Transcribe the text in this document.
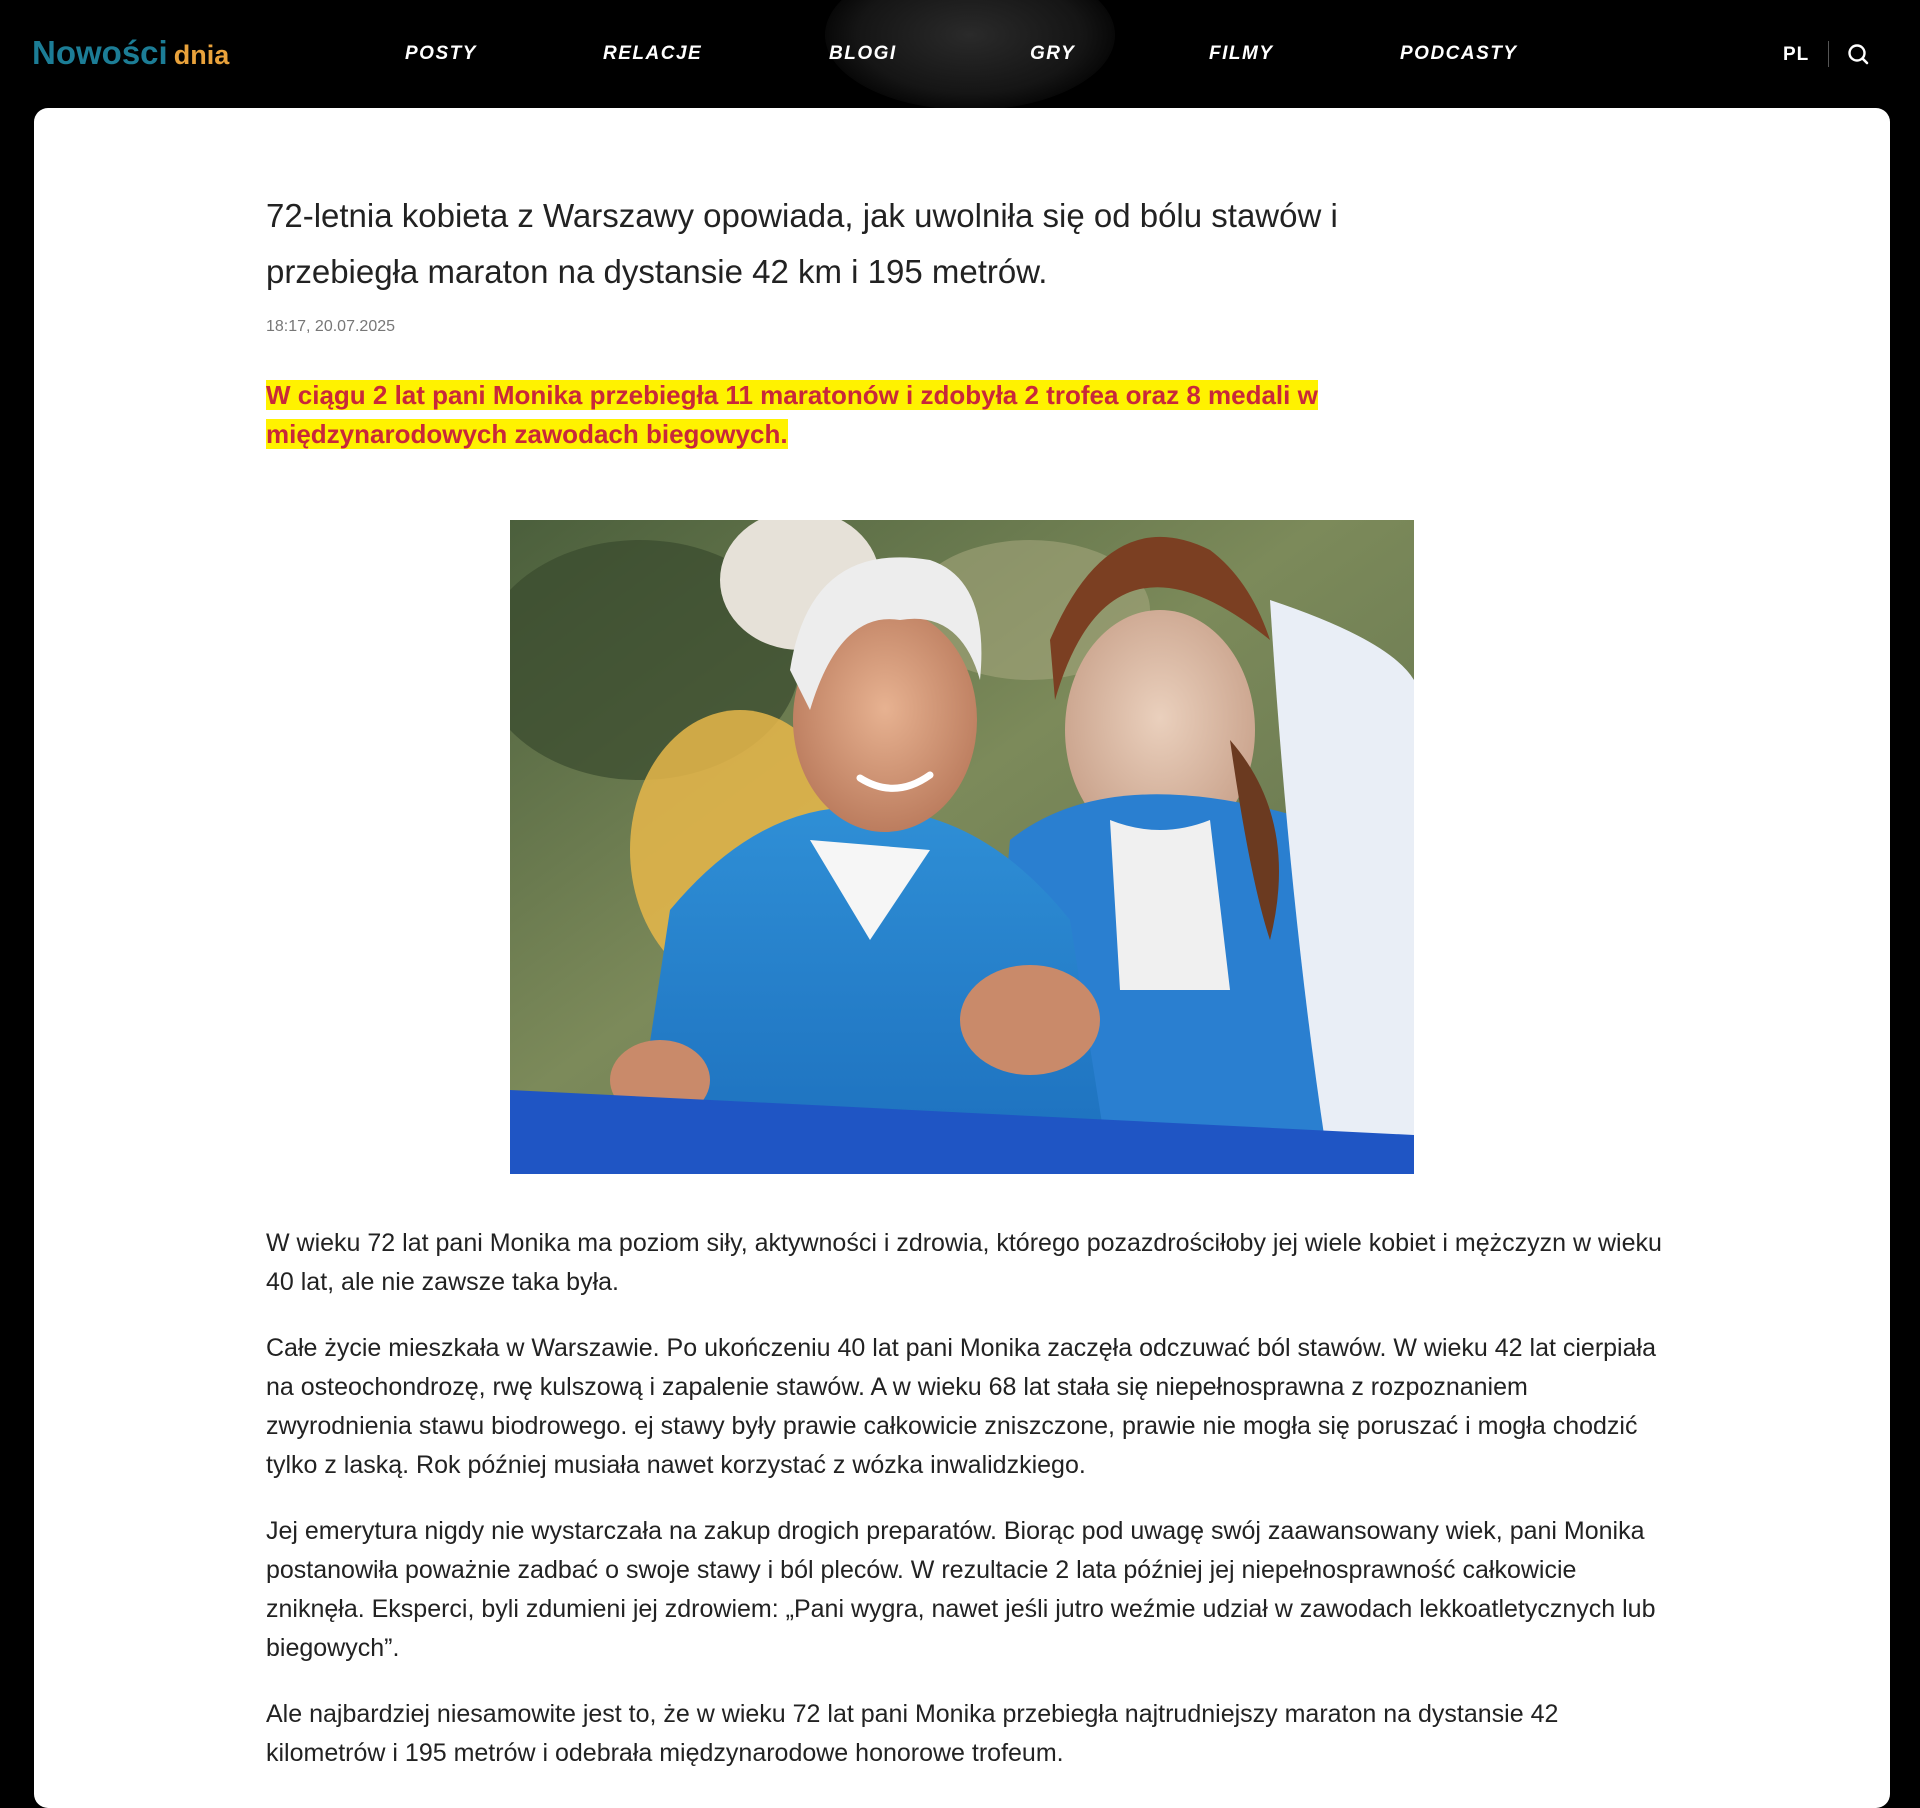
Nowości dnia	POSTY	RELACJE	BLOGI	GRY	FILMY	PODCASTY	PL
72-letnia kobieta z Warszawy opowiada, jak uwolniła się od bólu stawów i przebiegła maraton na dystansie 42 km i 195 metrów.
18:17, 20.07.2025
W ciągu 2 lat pani Monika przebiegła 11 maratonów i zdobyła 2 trofea oraz 8 medali w międzynarodowych zawodach biegowych.

W wieku 72 lat pani Monika ma poziom siły, aktywności i zdrowia, którego pozazdrościłoby jej wiele kobiet i mężczyzn w wieku 40 lat, ale nie zawsze taka była.

Całe życie mieszkała w Warszawie. Po ukończeniu 40 lat pani Monika zaczęła odczuwać ból stawów. W wieku 42 lat cierpiała na osteochondrozę, rwę kulszową i zapalenie stawów. A w wieku 68 lat stała się niepełnosprawna z rozpoznaniem zwyrodnienia stawu biodrowego. ej stawy były prawie całkowicie zniszczone, prawie nie mogła się poruszać i mogła chodzić tylko z laską. Rok później musiała nawet korzystać z wózka inwalidzkiego.

Jej emerytura nigdy nie wystarczała na zakup drogich preparatów. Biorąc pod uwagę swój zaawansowany wiek, pani Monika postanowiła poważnie zadbać o swoje stawy i ból pleców. W rezultacie 2 lata później jej niepełnosprawność całkowicie zniknęła. Eksperci, byli zdumieni jej zdrowiem: „Pani wygra, nawet jeśli jutro weźmie udział w zawodach lekkoatletycznych lub biegowych”.

Ale najbardziej niesamowite jest to, że w wieku 72 lat pani Monika przebiegła najtrudniejszy maraton na dystansie 42 kilometrów i 195 metrów i odebrała międzynarodowe honorowe trofeum.
